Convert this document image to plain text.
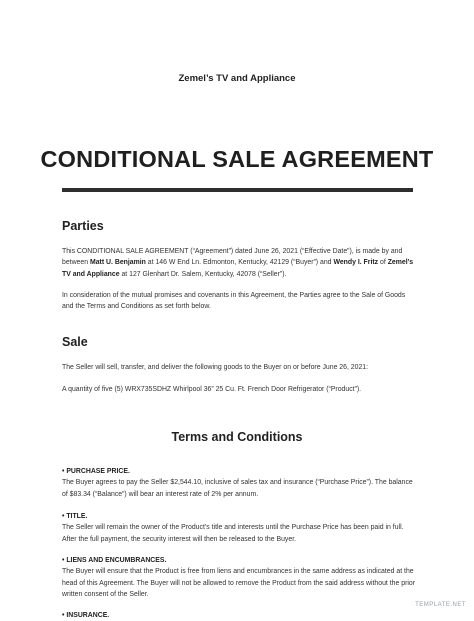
Zemel’s TV and Appliance
CONDITIONAL SALE AGREEMENT
Parties
This CONDITIONAL SALE AGREEMENT (“Agreement”) dated June 26, 2021 (“Effective Date”), is made by and between Matt U. Benjamin at 146 W End Ln. Edmonton, Kentucky, 42129 (“Buyer”) and Wendy I. Fritz of Zemel’s TV and Appliance at 127 Glenhart Dr. Salem, Kentucky, 42078 (“Seller”).
In consideration of the mutual promises and covenants in this Agreement, the Parties agree to the Sale of Goods and the Terms and Conditions as set forth below.
Sale
The Seller will sell, transfer, and deliver the following goods to the Buyer on or before June 26, 2021:
A quantity of five (5) WRX735SDHZ Whirlpool 36” 25 Cu. Ft. French Door Refrigerator (“Product”).
Terms and Conditions
• PURCHASE PRICE.
The Buyer agrees to pay the Seller $2,544.10, inclusive of sales tax and insurance (“Purchase Price”). The balance of $83.34 (“Balance”) will bear an interest rate of 2% per annum.
• TITLE.
The Seller will remain the owner of the Product’s title and interests until the Purchase Price has been paid in full. After the full payment, the security interest will then be released to the Buyer.
• LIENS AND ENCUMBRANCES.
The Buyer will ensure that the Product is free from liens and encumbrances in the same address as indicated at the head of this Agreement. The Buyer will not be allowed to remove the Product from the said address without the prior written consent of the Seller.
• INSURANCE.
TEMPLATE.NET
